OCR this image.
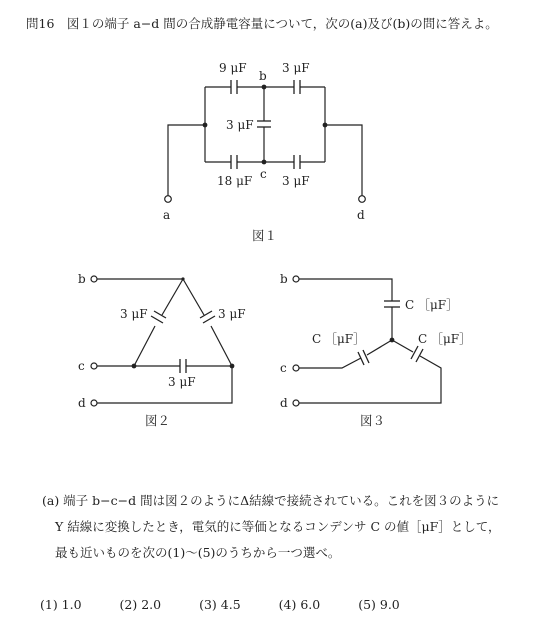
問16　図１の端子 a−d 間の合成静電容量について，次の(a)及び(b)の問に答えよ。
9 μF	3 μF
b
3 μF
18 μF c 3 μF
a	d
図１
b
c
d
3 μF	3 μF
3 μF
図２
b
c
d
C ［μF］
C ［μF］	C ［μF］
図３
(a) 端子 b−c−d 間は図２のようにΔ結線で接続されている。これを図３のように
Y 結線に変換したとき，電気的に等価となるコンデンサ C の値［μF］として，
最も近いものを次の(1)〜(5)のうちから一つ選べ。
(1) 1.0	(2) 2.0	(3) 4.5	(4) 6.0	(5) 9.0
